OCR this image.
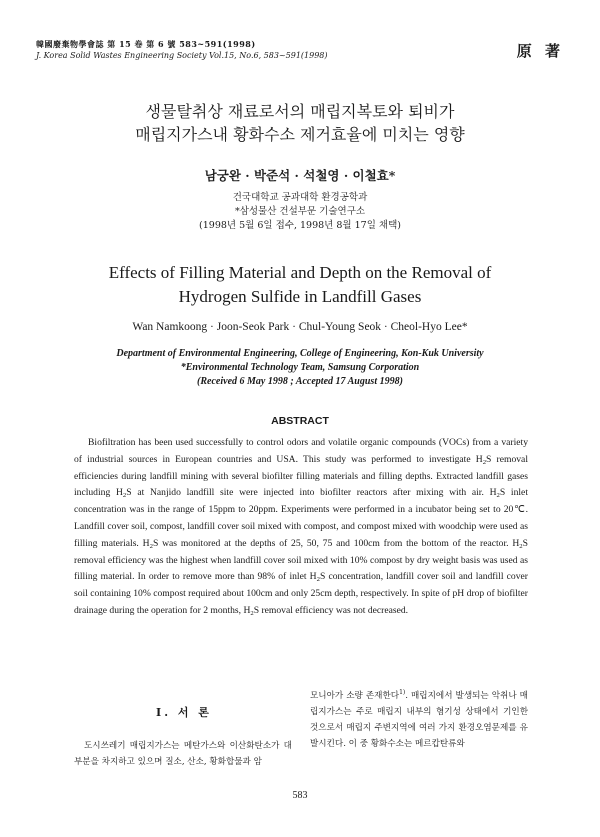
韓國廢棄物學會誌 第 15 卷 第 6 號 583~591(1998)
J. Korea Solid Wastes Engineering Society Vol.15, No.6, 583~591(1998)	原 著
생물탈취상 재료로서의 매립지복토와 퇴비가
매립지가스내 황화수소 제거효율에 미치는 영향
남궁완 · 박준석 · 석철영 · 이철효*
건국대학교 공과대학 환경공학과
*삼성물산 건설부문 기술연구소
(1998년 5월 6일 접수, 1998년 8월 17일 채택)
Effects of Filling Material and Depth on the Removal of
Hydrogen Sulfide in Landfill Gases
Wan Namkoong · Joon-Seok Park · Chul-Young Seok · Cheol-Hyo Lee*
Department of Environmental Engineering, College of Engineering, Kon-Kuk University
*Environmental Technology Team, Samsung Corporation
(Received 6 May 1998 ; Accepted 17 August 1998)
ABSTRACT

Biofiltration has been used successfully to control odors and volatile organic compounds (VOCs) from a variety of industrial sources in European countries and USA. This study was performed to investigate $H_2S$ removal efficiencies during landfill mining with several biofilter filling materials and filling depths. Extracted landfill gases including $H_2S$ at Nanjido landfill site were injected into biofilter reactors after mixing with air. $H_2S$ inlet concentration was in the range of 15ppm to 20ppm. Experiments were performed in a incubator being set to 20℃. Landfill cover soil, compost, landfill cover soil mixed with compost, and compost mixed with woodchip were used as filling materials. $H_2S$ was monitored at the depths of 25, 50, 75 and 100cm from the bottom of the reactor. $H_2S$ removal efficiency was the highest when landfill cover soil mixed with 10% compost by dry weight basis was used as filling material. In order to remove more than 98% of inlet $H_2S$ concentration, landfill cover soil and landfill cover soil containing 10% compost required about 100cm and only 25cm depth, respectively. In spite of pH drop of biofilter drainage during the operation for 2 months, $H_2S$ removal efficiency was not decreased.

I. 서 론

도시쓰레기 매립지가스는 메탄가스와 이산화탄소가 대부분을 차지하고 있으며 질소, 산소, 황화합물과 암

모니아가 소량 존재한다$^{1)}$. 매립지에서 발생되는 악취나 매립지가스는 주로 매립지 내부의 혐기성 상태에서 기인한 것으로서 매립지 주변지역에 여러 가지 환경오염문제를 유발시킨다. 이 중 황화수소는 메르캅탄류와

583
